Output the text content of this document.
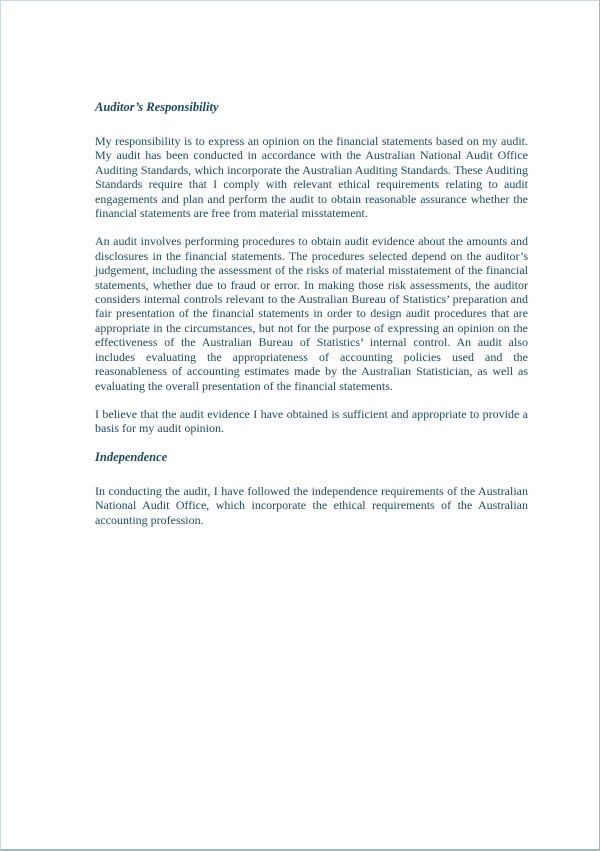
Auditor’s Responsibility

My responsibility is to express an opinion on the financial statements based on my audit. My audit has been conducted in accordance with the Australian National Audit Office Auditing Standards, which incorporate the Australian Auditing Standards. These Auditing Standards require that I comply with relevant ethical requirements relating to audit engagements and plan and perform the audit to obtain reasonable assurance whether the financial statements are free from material misstatement.

An audit involves performing procedures to obtain audit evidence about the amounts and disclosures in the financial statements. The procedures selected depend on the auditor’s judgement, including the assessment of the risks of material misstatement of the financial statements, whether due to fraud or error. In making those risk assessments, the auditor considers internal controls relevant to the Australian Bureau of Statistics’ preparation and fair presentation of the financial statements in order to design audit procedures that are appropriate in the circumstances, but not for the purpose of expressing an opinion on the effectiveness of the Australian Bureau of Statistics’ internal control. An audit also includes evaluating the appropriateness of accounting policies used and the reasonableness of accounting estimates made by the Australian Statistician, as well as evaluating the overall presentation of the financial statements.

I believe that the audit evidence I have obtained is sufficient and appropriate to provide a basis for my audit opinion.

Independence

In conducting the audit, I have followed the independence requirements of the Australian National Audit Office, which incorporate the ethical requirements of the Australian accounting profession.
